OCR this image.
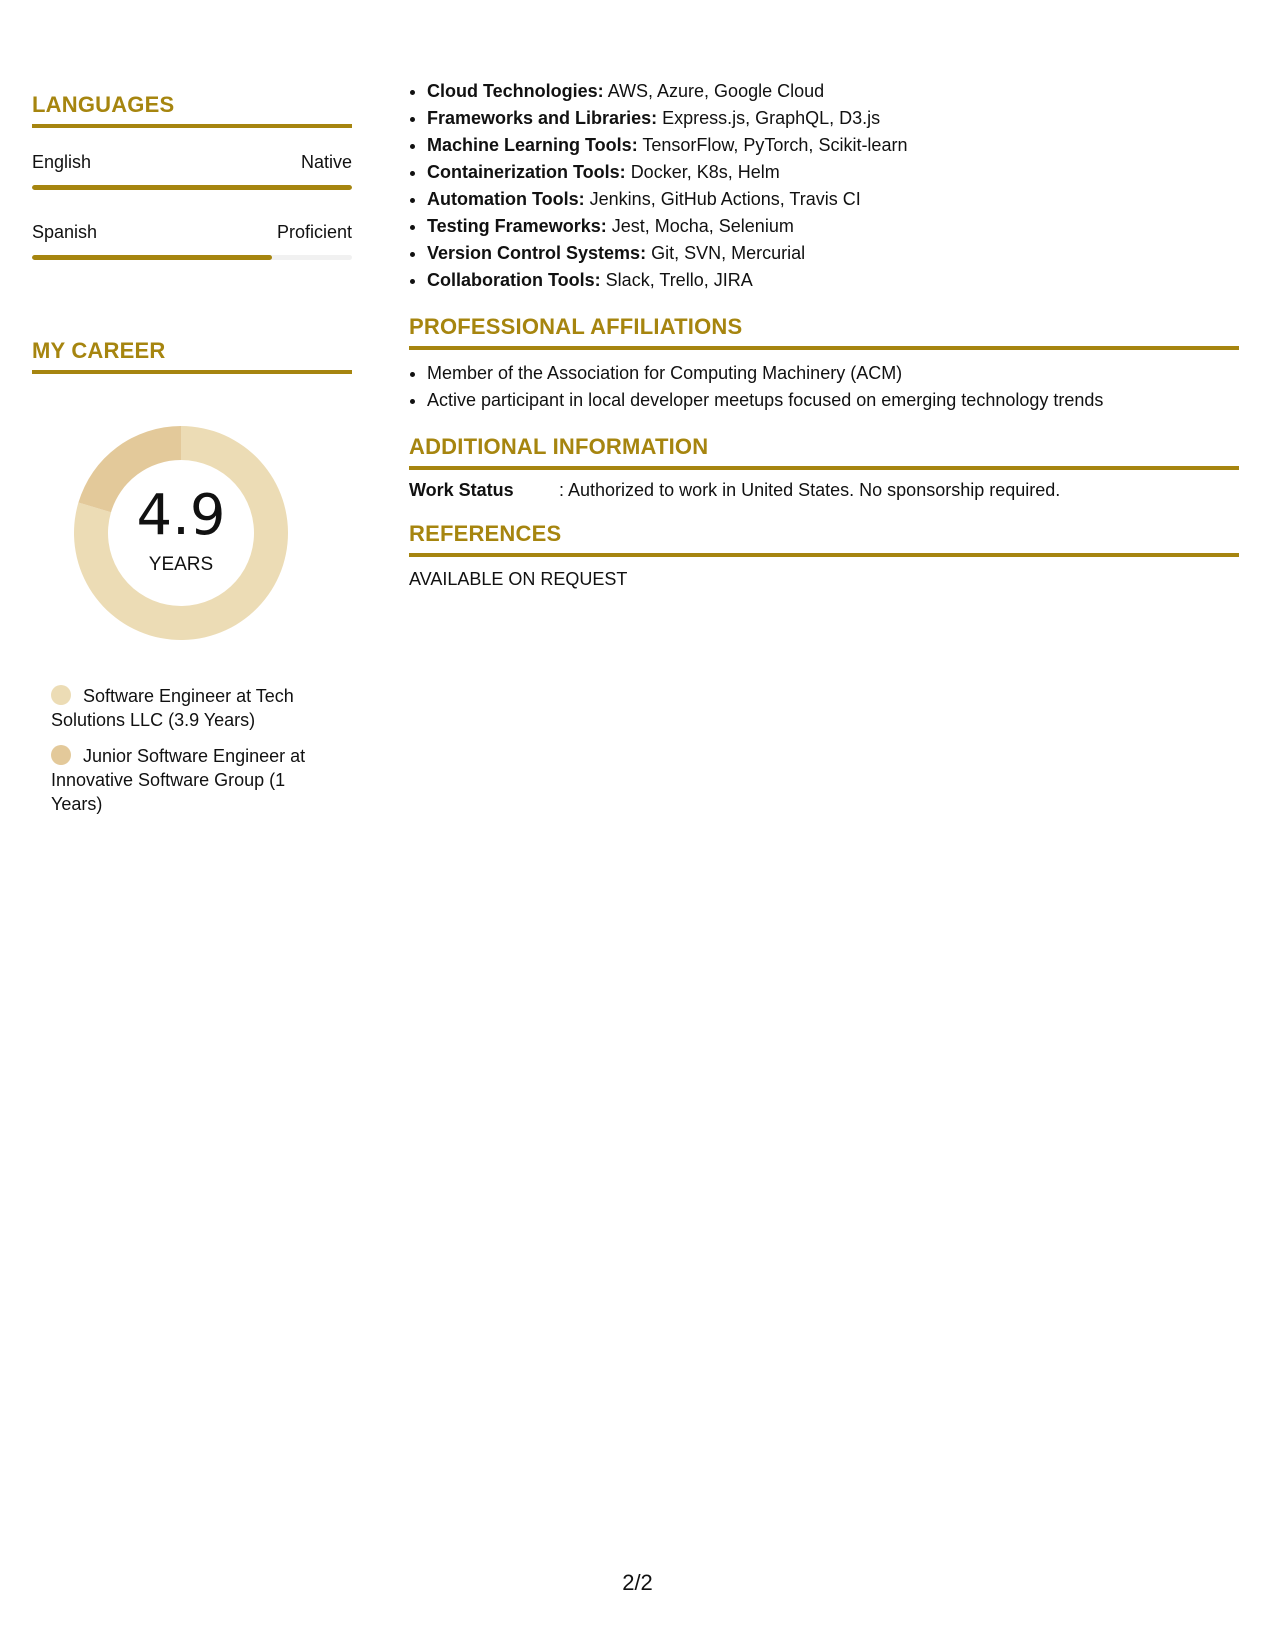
LANGUAGES
English	Native
Spanish	Proficient
MY CAREER
4.9
YEARS
Software Engineer at Tech Solutions LLC (3.9 Years)
Junior Software Engineer at Innovative Software Group (1 Years)
• Cloud Technologies: AWS, Azure, Google Cloud
• Frameworks and Libraries: Express.js, GraphQL, D3.js
• Machine Learning Tools: TensorFlow, PyTorch, Scikit-learn
• Containerization Tools: Docker, K8s, Helm
• Automation Tools: Jenkins, GitHub Actions, Travis CI
• Testing Frameworks: Jest, Mocha, Selenium
• Version Control Systems: Git, SVN, Mercurial
• Collaboration Tools: Slack, Trello, JIRA
PROFESSIONAL AFFILIATIONS
• Member of the Association for Computing Machinery (ACM)
• Active participant in local developer meetups focused on emerging technology trends
ADDITIONAL INFORMATION
Work Status	: Authorized to work in United States. No sponsorship required.
REFERENCES
AVAILABLE ON REQUEST
2/2
